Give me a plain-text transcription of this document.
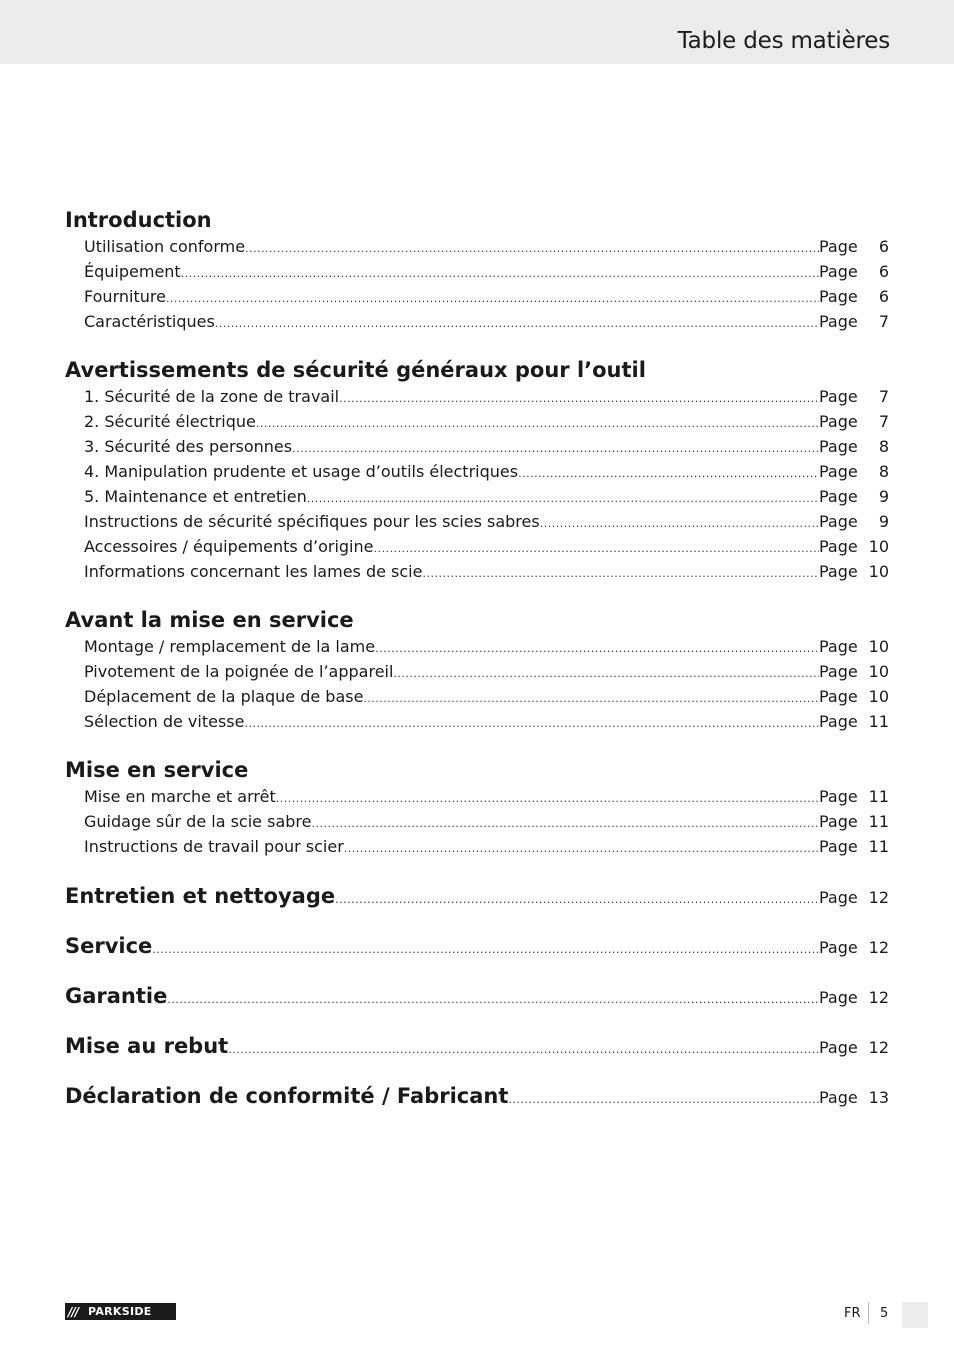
Table des matières
Introduction
Utilisation conforme .....	Page	6
Équipement .....	Page	6
Fourniture .....	Page	6
Caractéristiques .....	Page	7
Avertissements de sécurité généraux pour l’outil
1. Sécurité de la zone de travail .....	Page	7
2. Sécurité électrique .....	Page	7
3. Sécurité des personnes .....	Page	8
4. Manipulation prudente et usage d’outils électriques .....	Page	8
5. Maintenance et entretien .....	Page	9
Instructions de sécurité spécifiques pour les scies sabres .....	Page	9
Accessoires / équipements d’origine .....	Page 10
Informations concernant les lames de scie .....	Page 10
Avant la mise en service
Montage / remplacement de la lame .....	Page 10
Pivotement de la poignée de l’appareil .....	Page 10
Déplacement de la plaque de base .....	Page 10
Sélection de vitesse .....	Page 11
Mise en service
Mise en marche et arrêt .....	Page 11
Guidage sûr de la scie sabre .....	Page 11
Instructions de travail pour scier .....	Page 11
Entretien et nettoyage .....	Page 12
Service .....	Page 12
Garantie .....	Page 12
Mise au rebut .....	Page 12
Déclaration de conformité / Fabricant .....	Page 13
/// PARKSIDE	FR 5
